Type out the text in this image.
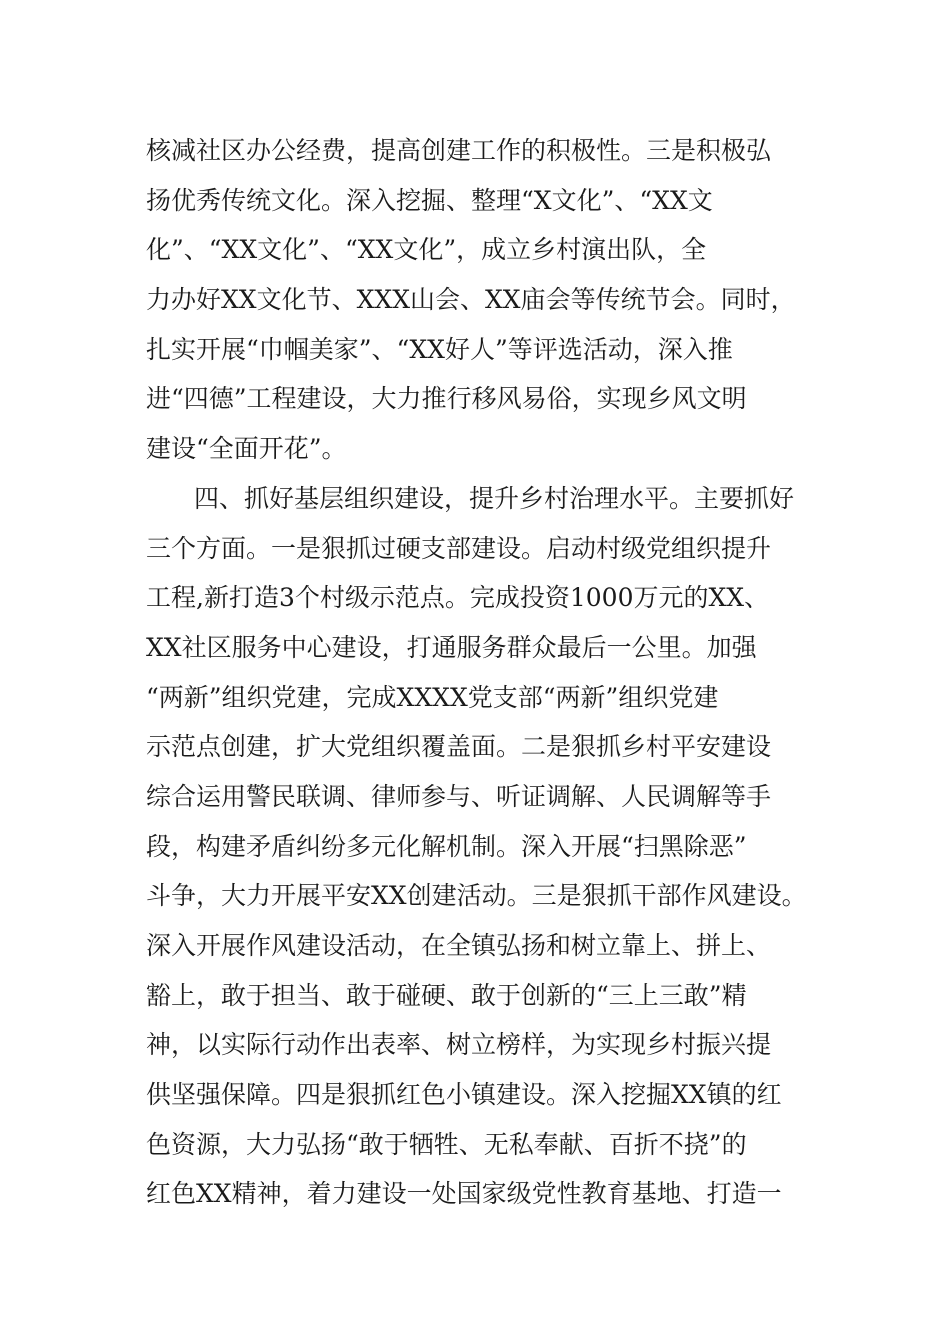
核减社区办公经费，提高创建工作的积极性。三是积极弘
扬优秀传统文化。深入挖掘、整理“X文化”、“XX文
化”、“XX文化”、“XX文化”，成立乡村演出队，全
力办好XX文化节、XXX山会、XX庙会等传统节会。同时，
扎实开展“巾帼美家”、“XX好人”等评选活动，深入推
进“四德”工程建设，大力推行移风易俗，实现乡风文明
建设“全面开花”。
四、抓好基层组织建设，提升乡村治理水平。主要抓好
三个方面。一是狠抓过硬支部建设。启动村级党组织提升
工程,新打造3个村级示范点。完成投资1000万元的XX、
XX社区服务中心建设，打通服务群众最后一公里。加强
“两新”组织党建，完成XXXX党支部“两新”组织党建
示范点创建，扩大党组织覆盖面。二是狠抓乡村平安建设
综合运用警民联调、律师参与、听证调解、人民调解等手
段，构建矛盾纠纷多元化解机制。深入开展“扫黑除恶”
斗争，大力开展平安XX创建活动。三是狠抓干部作风建设。
深入开展作风建设活动，在全镇弘扬和树立靠上、拼上、
豁上，敢于担当、敢于碰硬、敢于创新的“三上三敢”精
神，以实际行动作出表率、树立榜样，为实现乡村振兴提
供坚强保障。四是狠抓红色小镇建设。深入挖掘XX镇的红
色资源，大力弘扬“敢于牺牲、无私奉献、百折不挠”的
红色XX精神，着力建设一处国家级党性教育基地、打造一
